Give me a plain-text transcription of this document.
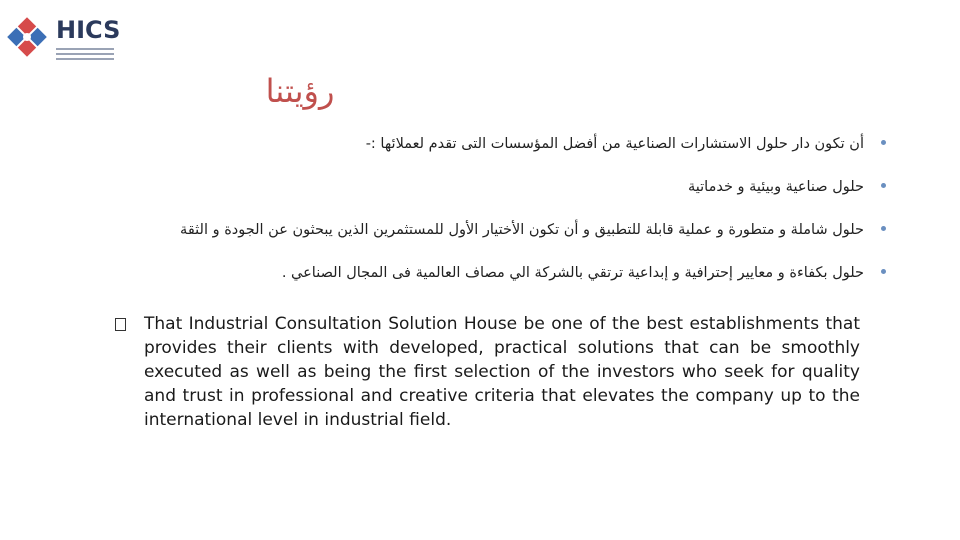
HICS
رؤيتنا
أن تكون دار حلول الاستشارات الصناعية من أفضل المؤسسات التى تقدم لعملائها :-
حلول صناعية وبيئية و خدماتية
حلول شاملة و متطورة و عملية قابلة للتطبيق و أن تكون الأختيار الأول للمستثمرين الذين يبحثون عن الجودة و الثقة
حلول بكفاءة و معايير إحترافية و إبداعية ترتقي بالشركة الي مصاف العالمية فى المجال الصناعي .
That Industrial Consultation Solution House be one of the best establishments that provides their clients with developed, practical solutions that can be smoothly executed as well as being the first selection of the investors who seek for quality and trust in professional and creative criteria that elevates the company up to the international level in industrial field.
